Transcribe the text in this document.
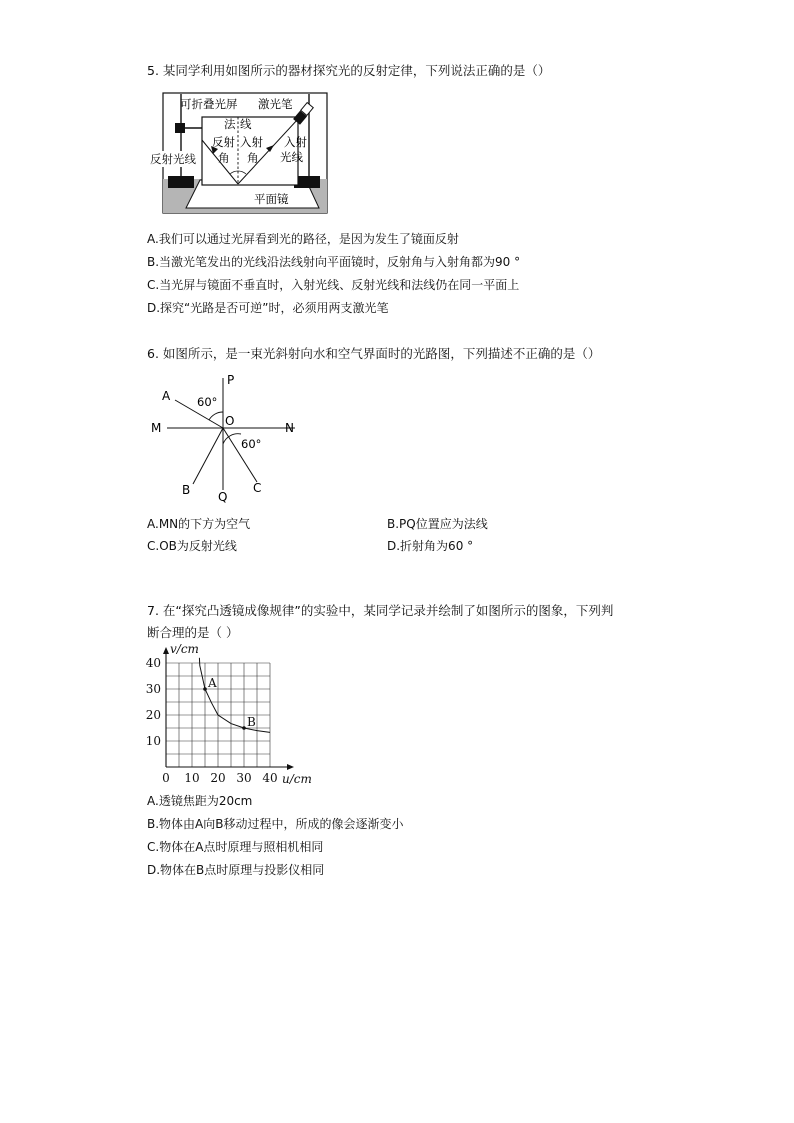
5. 某同学利用如图所示的器材探究光的反射定律，下列说法正确的是（）
可折叠光屏 激光笔
法 线
反射
角
入射
角
入射
光线
平面镜
反射光线
A.我们可以通过光屏看到光的路径，是因为发生了镜面反射
B.当激光笔发出的光线沿法线射向平面镜时，反射角与入射角都为90 °
C.当光屏与镜面不垂直时，入射光线、反射光线和法线仍在同一平面上
D.探究“光路是否可逆”时，必须用两支激光笔
6. 如图所示，是一束光斜射向水和空气界面时的光路图，下列描述不正确的是（）
P
Q
M	N
O
A
B	C
60°
60°
A.MN的下方为空气	B.PQ位置应为法线
C.OB为反射光线	D.折射角为60 °
7. 在“探究凸透镜成像规律”的实验中，某同学记录并绘制了如图所示的图象，下列判
断合理的是（ ）
0 10 20 30 40
10
20
30
40
A
B
u/cm
v/cm
A.透镜焦距为20cm
B.物体由A向B移动过程中，所成的像会逐渐变小
C.物体在A点时原理与照相机相同
D.物体在B点时原理与投影仪相同
